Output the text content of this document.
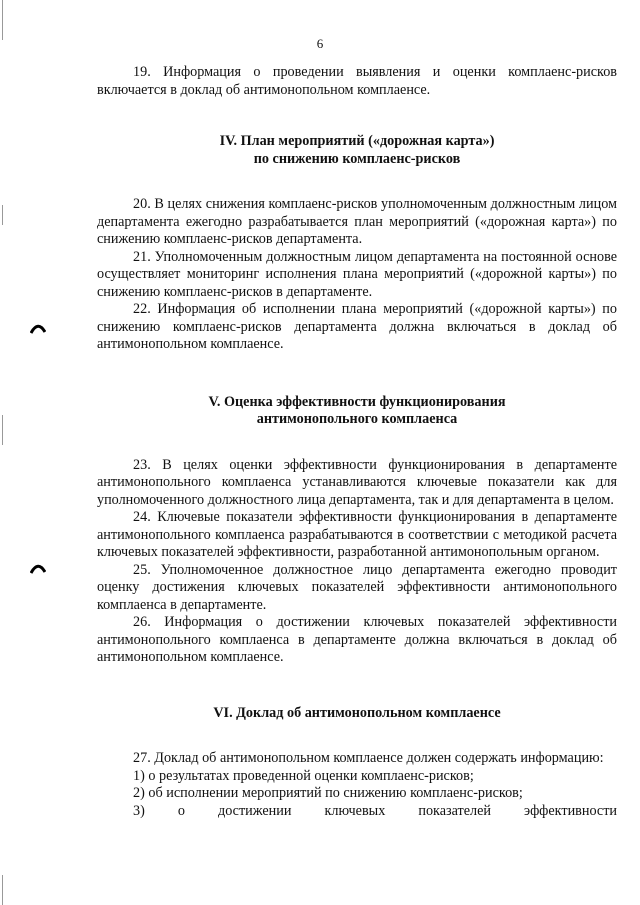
6

19. Информация о проведении выявления и оценки комплаенс-рисков включается в доклад об антимонопольном комплаенсе.

IV. План мероприятий («дорожная карта»)
по снижению комплаенс-рисков

20. В целях снижения комплаенс-рисков уполномоченным должностным лицом департамента ежегодно разрабатывается план мероприятий («дорожная карта») по снижению комплаенс-рисков департамента.

21. Уполномоченным должностным лицом департамента на постоянной основе осуществляет мониторинг исполнения плана мероприятий («дорожной карты») по снижению комплаенс-рисков в департаменте.

22. Информация об исполнении плана мероприятий («дорожной карты») по снижению комплаенс-рисков департамента должна включаться в доклад об антимонопольном комплаенсе.

V. Оценка эффективности функционирования
антимонопольного комплаенса

23. В целях оценки эффективности функционирования в департаменте антимонопольного комплаенса устанавливаются ключевые показатели как для уполномоченного должностного лица департамента, так и для департамента в целом.

24. Ключевые показатели эффективности функционирования в департаменте антимонопольного комплаенса разрабатываются в соответствии с методикой расчета ключевых показателей эффективности, разработанной антимонопольным органом.

25. Уполномоченное должностное лицо департамента ежегодно проводит оценку достижения ключевых показателей эффективности антимонопольного комплаенса в департаменте.

26. Информация о достижении ключевых показателей эффективности антимонопольного комплаенса в департаменте должна включаться в доклад об антимонопольном комплаенсе.

VI. Доклад об антимонопольном комплаенсе

27. Доклад об антимонопольном комплаенсе должен содержать информацию:

1) о результатах проведенной оценки комплаенс-рисков;

2) об исполнении мероприятий по снижению комплаенс-рисков;

3) о достижении ключевых показателей эффективности
